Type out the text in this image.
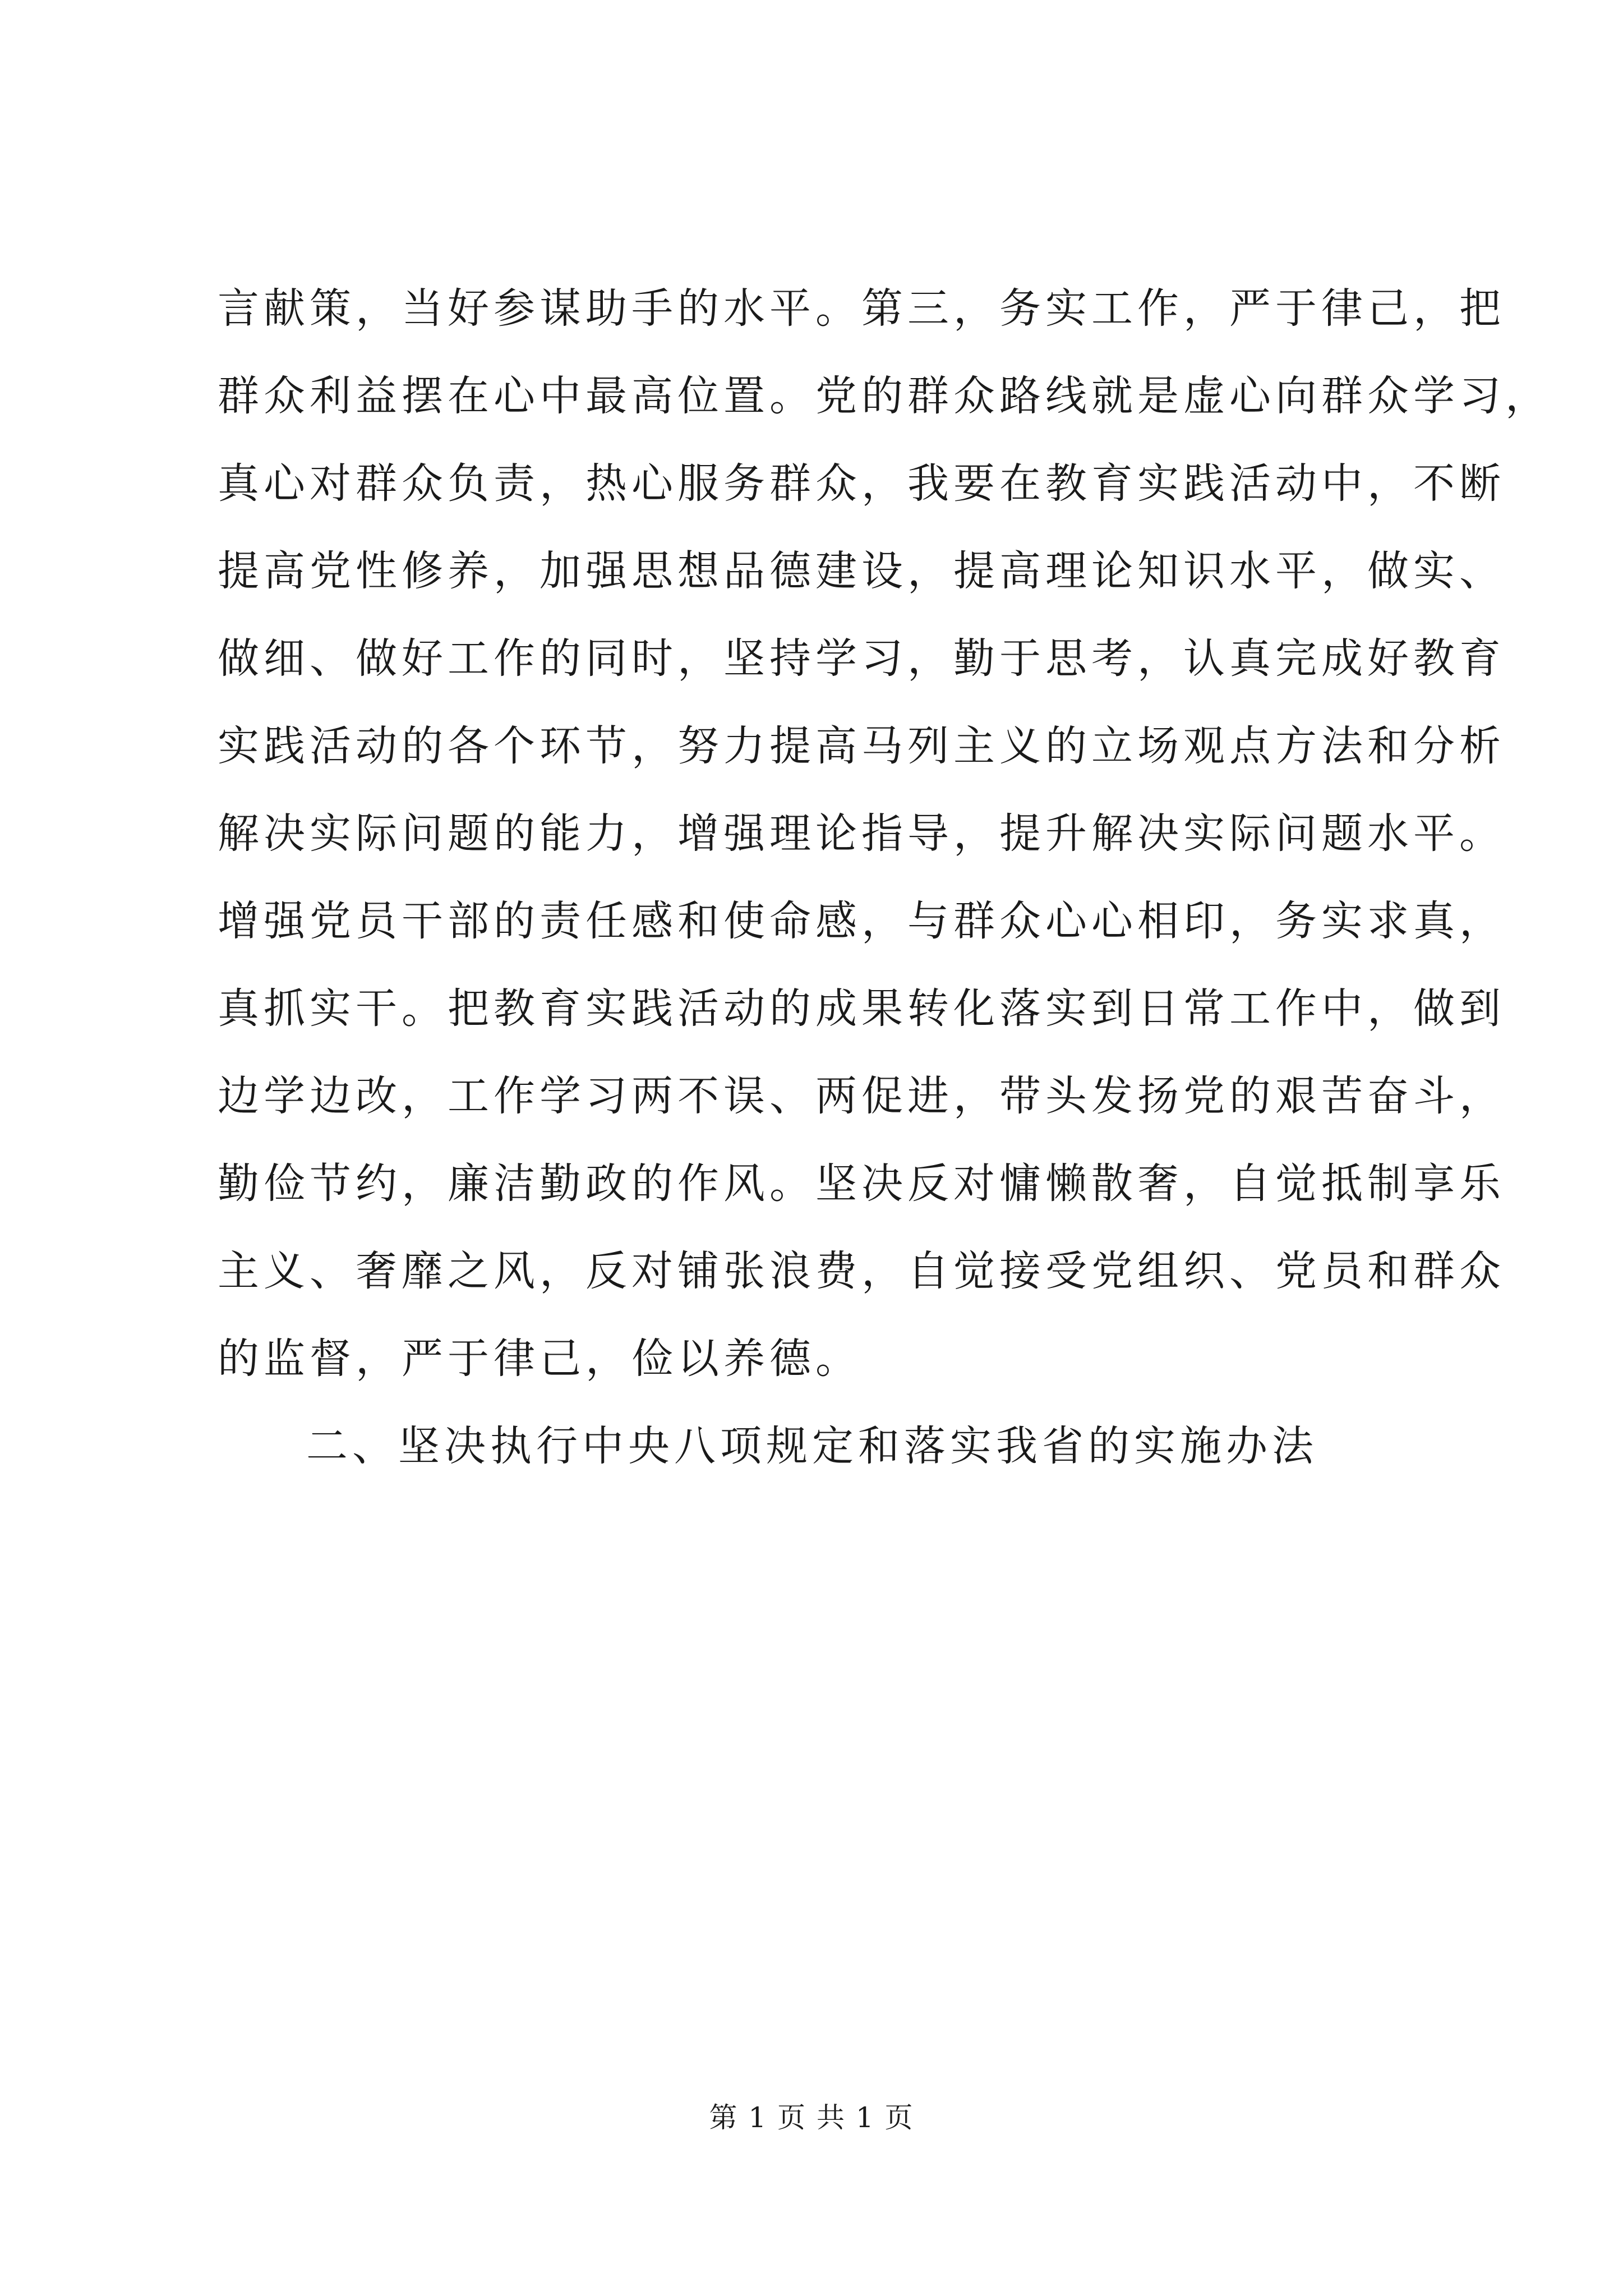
言献策，当好参谋助手的水平。第三，务实工作，严于律己，把
群众利益摆在心中最高位置。党的群众路线就是虚心向群众学习，
真心对群众负责，热心服务群众，我要在教育实践活动中，不断
提高党性修养，加强思想品德建设，提高理论知识水平，做实、
做细、做好工作的同时，坚持学习，勤于思考，认真完成好教育
实践活动的各个环节，努力提高马列主义的立场观点方法和分析
解决实际问题的能力，增强理论指导，提升解决实际问题水平。
增强党员干部的责任感和使命感，与群众心心相印，务实求真，
真抓实干。把教育实践活动的成果转化落实到日常工作中，做到
边学边改，工作学习两不误、两促进，带头发扬党的艰苦奋斗，
勤俭节约，廉洁勤政的作风。坚决反对慵懒散奢，自觉抵制享乐
主义、奢靡之风，反对铺张浪费，自觉接受党组织、党员和群众
的监督，严于律己，俭以养德。
二、坚决执行中央八项规定和落实我省的实施办法
第 1 页 共 1 页
